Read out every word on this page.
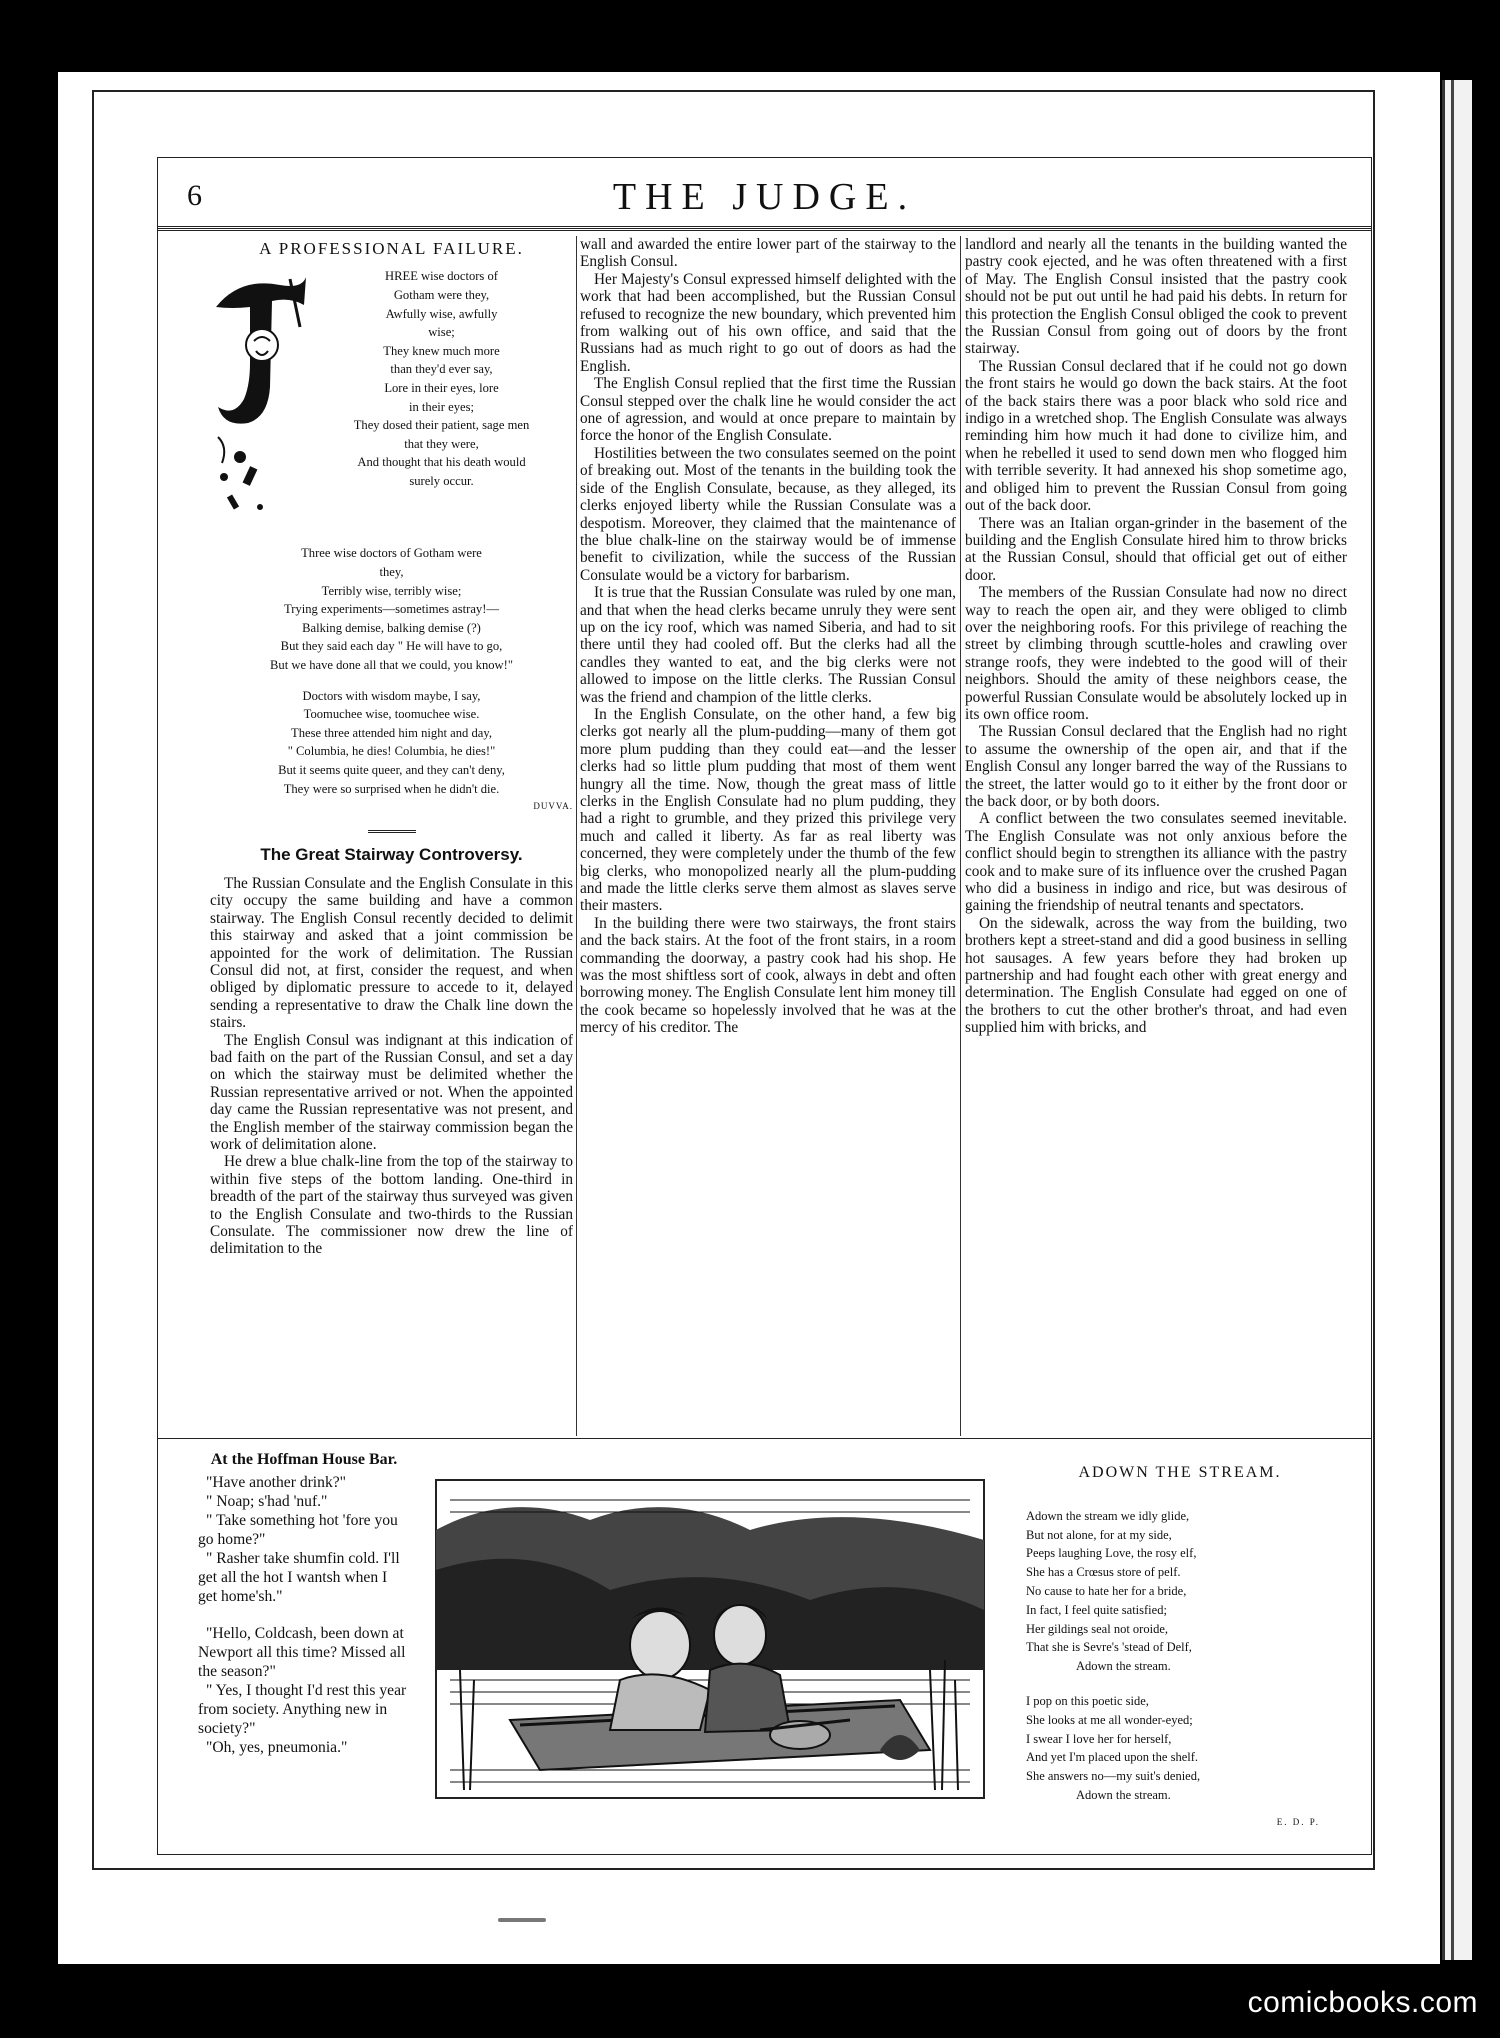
6	THE JUDGE.
A PROFESSIONAL FAILURE.
HREE wise doctors of
Gotham were they,
Awfully wise, awfully
wise;
They knew much more
than they'd ever say,
Lore in their eyes, lore
in their eyes;
They dosed their patient, sage men
that they were,
And thought that his death would
surely occur.
Three wise doctors of Gotham were
they,
Terribly wise, terribly wise;
Trying experiments—sometimes astray!—
Balking demise, balking demise (?)
But they said each day " He will have to go,
But we have done all that we could, you know!"
Doctors with wisdom maybe, I say,
Toomuchee wise, toomuchee wise.
These three attended him night and day,
" Columbia, he dies! Columbia, he dies!"
But it seems quite queer, and they can't deny,
They were so surprised when he didn't die.
DUVVA.
The Great Stairway Controversy.

The Russian Consulate and the English Consulate in this city occupy the same building and have a common stairway. The English Consul recently decided to delimit this stairway and asked that a joint commission be appointed for the work of delimitation. The Russian Consul did not, at first, consider the request, and when obliged by diplomatic pressure to accede to it, delayed sending a representative to draw the Chalk line down the stairs.

The English Consul was indignant at this indication of bad faith on the part of the Russian Consul, and set a day on which the stairway must be delimited whether the Russian representative arrived or not. When the appointed day came the Russian representative was not present, and the English member of the stairway commission began the work of delimitation alone.

He drew a blue chalk-line from the top of the stairway to within five steps of the bottom landing. One-third in breadth of the part of the stairway thus surveyed was given to the English Consulate and two-thirds to the Russian Consulate. The commissioner now drew the line of delimitation to the

wall and awarded the entire lower part of the stairway to the English Consul.

Her Majesty's Consul expressed himself delighted with the work that had been accomplished, but the Russian Consul refused to recognize the new boundary, which prevented him from walking out of his own office, and said that the Russians had as much right to go out of doors as had the English.

The English Consul replied that the first time the Russian Consul stepped over the chalk line he would consider the act one of agression, and would at once prepare to maintain by force the honor of the English Consulate.

Hostilities between the two consulates seemed on the point of breaking out. Most of the tenants in the building took the side of the English Consulate, because, as they alleged, its clerks enjoyed liberty while the Russian Consulate was a despotism. Moreover, they claimed that the maintenance of the blue chalk-line on the stairway would be of immense benefit to civilization, while the success of the Russian Consulate would be a victory for barbarism.

It is true that the Russian Consulate was ruled by one man, and that when the head clerks became unruly they were sent up on the icy roof, which was named Siberia, and had to sit there until they had cooled off. But the clerks had all the candles they wanted to eat, and the big clerks were not allowed to impose on the little clerks. The Russian Consul was the friend and champion of the little clerks.

In the English Consulate, on the other hand, a few big clerks got nearly all the plum-pudding—many of them got more plum pudding than they could eat—and the lesser clerks had so little plum pudding that most of them went hungry all the time. Now, though the great mass of little clerks in the English Consulate had no plum pudding, they had a right to grumble, and they prized this privilege very much and called it liberty. As far as real liberty was concerned, they were completely under the thumb of the few big clerks, who monopolized nearly all the plum-pudding and made the little clerks serve them almost as slaves serve their masters.

In the building there were two stairways, the front stairs and the back stairs. At the foot of the front stairs, in a room commanding the doorway, a pastry cook had his shop. He was the most shiftless sort of cook, always in debt and often borrowing money. The English Consulate lent him money till the cook became so hopelessly involved that he was at the mercy of his creditor. The

landlord and nearly all the tenants in the building wanted the pastry cook ejected, and he was often threatened with a first of May. The English Consul insisted that the pastry cook should not be put out until he had paid his debts. In return for this protection the English Consul obliged the cook to prevent the Russian Consul from going out of doors by the front stairway.

The Russian Consul declared that if he could not go down the front stairs he would go down the back stairs. At the foot of the back stairs there was a poor black who sold rice and indigo in a wretched shop. The English Consulate was always reminding him how much it had done to civilize him, and when he rebelled it used to send down men who flogged him with terrible severity. It had annexed his shop sometime ago, and obliged him to prevent the Russian Consul from going out of the back door.

There was an Italian organ-grinder in the basement of the building and the English Consulate hired him to throw bricks at the Russian Consul, should that official get out of either door.

The members of the Russian Consulate had now no direct way to reach the open air, and they were obliged to climb over the neighboring roofs. For this privilege of reaching the street by climbing through scuttle-holes and crawling over strange roofs, they were indebted to the good will of their neighbors. Should the amity of these neighbors cease, the powerful Russian Consulate would be absolutely locked up in its own office room.

The Russian Consul declared that the English had no right to assume the ownership of the open air, and that if the English Consul any longer barred the way of the Russians to the street, the latter would go to it either by the front door or the back door, or by both doors.

A conflict between the two consulates seemed inevitable. The English Consulate was not only anxious before the conflict should begin to strengthen its alliance with the pastry cook and to make sure of its influence over the crushed Pagan who did a business in indigo and rice, but was desirous of gaining the friendship of neutral tenants and spectators.

On the sidewalk, across the way from the building, two brothers kept a street-stand and did a good business in selling hot sausages. A few years before they had broken up partnership and had fought each other with great energy and determination. The English Consulate had egged on one of the brothers to cut the other brother's throat, and had even supplied him with bricks, and

At the Hoffman House Bar.

"Have another drink?"

" Noap; s'had 'nuf."

" Take something hot 'fore you go home?"

" Rasher take shumfin cold. I'll get all the hot I wantsh when I get home'sh."

"Hello, Coldcash, been down at Newport all this time? Missed all the season?"

" Yes, I thought I'd rest this year from society. Anything new in society?"

"Oh, yes, pneumonia."

ADOWN THE STREAM.
Adown the stream we idly glide,
But not alone, for at my side,
Peeps laughing Love, the rosy elf,
She has a Crœsus store of pelf.
No cause to hate her for a bride,
In fact, I feel quite satisfied;
Her gildings seal not oroide,
That she is Sevre's 'stead of Delf,
Adown the stream.
I pop on this poetic side,
She looks at me all wonder-eyed;
I swear I love her for herself,
And yet I'm placed upon the shelf.
She answers no—my suit's denied,
Adown the stream.
E. D. P.
comicbooks.com
